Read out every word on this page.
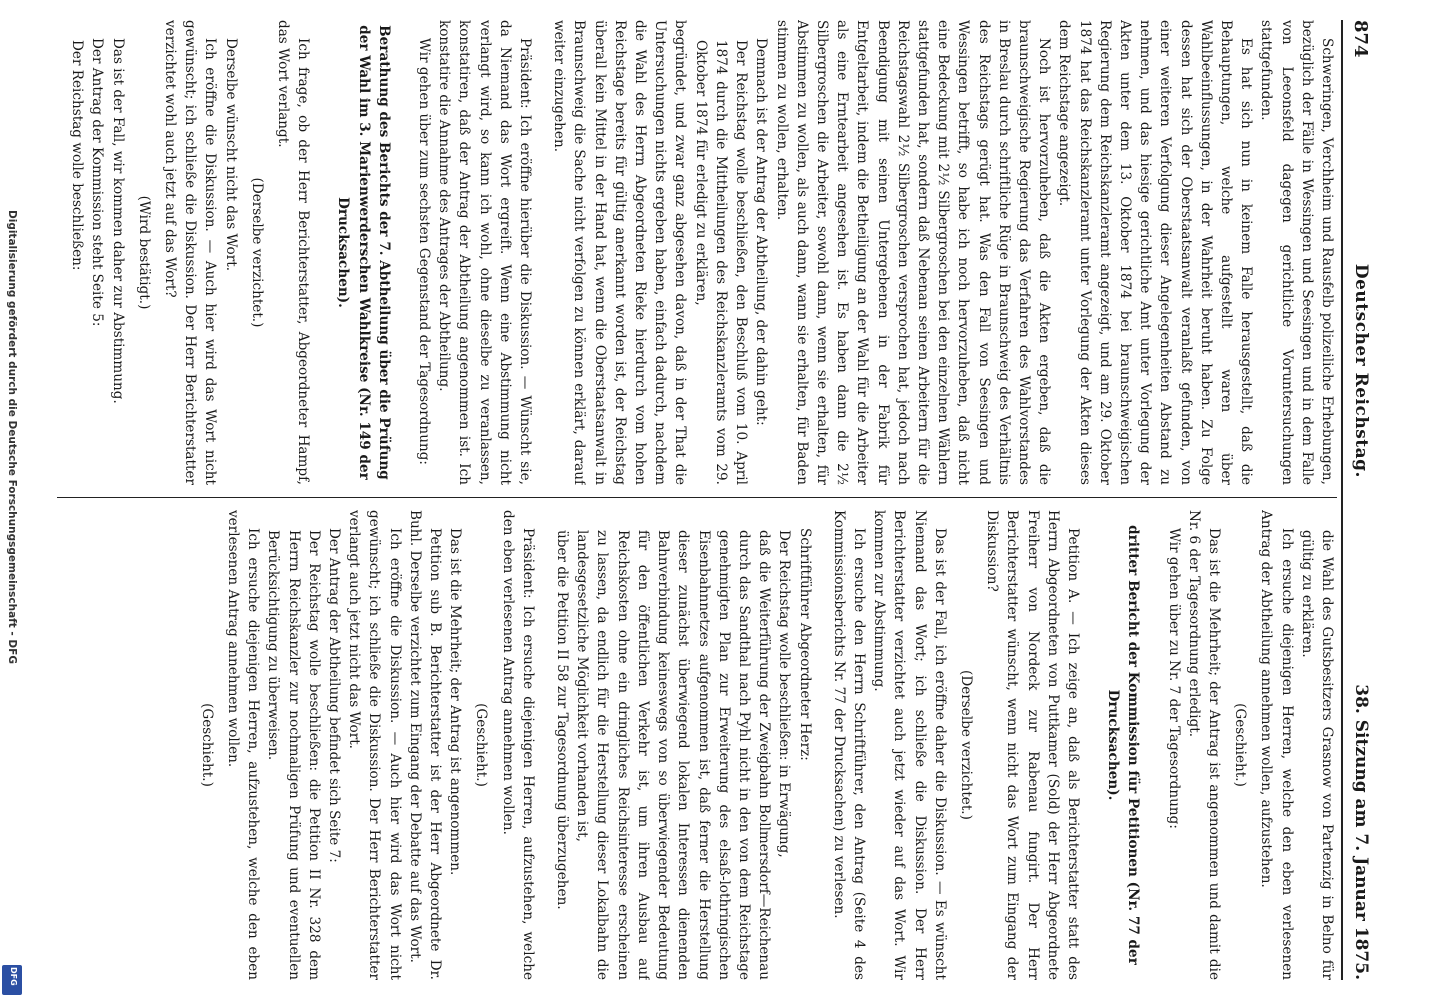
874
Deutscher Reichstag.
38. Sitzung am 7. Januar 1875.

Schweringen, Verchheim und Rausfelb polizeiliche Erhebungen, bezüglich der Fälle in Wessingen und Seesingen und in dem Falle von Leeonsfeld dagegen gerichtliche Voruntersuchungen stattgefunden.

Es hat sich nun in keinem Falle herausgestellt, daß die Behauptungen, welche aufgestellt waren über Wahlbeeinflussungen, in der Wahrheit beruht haben. Zu Folge dessen hat sich der Oberstaatsanwalt veranlaßt gefunden, von einer weiteren Verfolgung dieser Angelegenheiten Abstand zu nehmen, und das hiesige gerichtliche Amt unter Vorlegung der Akten unter dem 13. Oktober 1874 bei braunschweigischen Regierung dem Reichskanzleramt angezeigt, und am 29. Oktober 1874 hat das Reichskanzleramt unter Vorlegung der Akten dieses dem Reichstage angezeigt.

Noch ist hervorzuheben, daß die Akten ergeben, daß die braunschweigische Regierung das Verfahren des Wahlvorstandes in Breslau durch schriftliche Rüge in Braunschweig des Verhältnis des Reichstags gerügt hat. Was den Fall von Seesingen und Wessingen betrifft, so habe ich noch hervorzuheben, daß nicht eine Bedeckung mit 2½ Silbergroschen bei den einzelnen Wählern stattgefunden hat, sondern daß Nebenan seinen Arbeitern für die Reichstagswahl 2½ Silbergroschen versprochen hat, jedoch nach Beendigung mit seinen Untergebenen in der Fabrik für Entgeltarbeit, indem die Betheiligung an der Wahl für die Arbeiter als eine Erntearbeit angesehen ist. Es haben dann die 2½ Silbergroschen die Arbeiter, sowohl dann, wenn sie erhalten, für Abstimmen zu wollen, als auch dann, wann sie erhalten, für Baden stimmen zu wollen, erhalten.

Demnach ist der Antrag der Abtheilung, der dahin geht:

Der Reichstag wolle beschließen, den Beschluß vom 10. April 1874 durch die Mittheilungen des Reichskanzleramts vom 29. Oktober 1874 für erledigt zu erklären,

begründet, und zwar ganz abgesehen davon, daß in der That die Untersuchungen nichts ergeben haben, einfach dadurch, nachdem die Wahl des Herrn Abgeordneten Rieke hierdurch vom hohen Reichstage bereits für gültig anerkannt worden ist, der Reichstag überall kein Mittel in der Hand hat, wenn die Oberstaatsanwalt in Braunschweig die Sache nicht verfolgen zu können erklärt, darauf weiter einzugehen.

Präsident: Ich eröffne hierüber die Diskussion. — Wünscht sie, da Niemand das Wort ergreift. Wenn eine Abstimmung nicht verlangt wird, so kann ich wohl, ohne dieselbe zu veranlassen, konstatiren, daß der Antrag der Abtheilung angenommen ist. Ich konstatire die Annahme des Antrages der Abtheilung.

Wir gehen über zum sechsten Gegenstand der Tagesordnung:

Berathung des Berichts der 7. Abtheilung über die Prüfung der Wahl im 3. Marienwerderschen Wahlkreise (Nr. 149 der Drucksachen).

Ich frage, ob der Herr Berichterstatter, Abgeordneter Hampf, das Wort verlangt.

(Derselbe verzichtet.)

Derselbe wünscht nicht das Wort.

Ich eröffne die Diskussion. — Auch hier wird das Wort nicht gewünscht; ich schließe die Diskussion. Der Herr Berichterstatter verzichtet wohl auch jetzt auf das Wort?

(Wird bestätigt.)

Das ist der Fall, wir kommen daher zur Abstimmung.

Der Antrag der Kommission steht Seite 5:

Der Reichstag wolle beschließen:

die Wahl des Gutsbesitzers Grasnow von Partenzig in Belno für gültig zu erklären.

Ich ersuche diejenigen Herren, welche den eben verlesenen Antrag der Abtheilung annehmen wollen, aufzustehen.

(Geschieht.)

Das ist die Mehrheit; der Antrag ist angenommen und damit die Nr. 6 der Tagesordnung erledigt.

Wir gehen über zu Nr. 7 der Tagesordnung:

dritter Bericht der Kommission für Petitionen (Nr. 77 der Drucksachen).

Petition A. — Ich zeige an, daß als Berichterstatter statt des Herrn Abgeordneten von Puttkamer (Sold) der Herr Abgeordnete Freiherr von Nordeck zur Rabenau fungirt. Der Herr Berichterstatter wünscht, wenn nicht das Wort zum Eingang der Diskussion?

(Derselbe verzichtet.)

Das ist der Fall, ich eröffne daher die Diskussion. — Es wünscht Niemand das Wort; ich schließe die Diskussion. Der Herr Berichterstatter verzichtet auch jetzt wieder auf das Wort. Wir kommen zur Abstimmung.

Ich ersuche den Herrn Schriftführer, den Antrag (Seite 4 des Kommissionsberichts Nr. 77 der Drucksachen) zu verlesen.

Schriftführer Abgeordneter Herz:

Der Reichstag wolle beschließen: in Erwägung,

daß die Weiterführung der Zweigbahn Bollmersdorf—Reichenau durch das Sandthal nach Pyhl nicht in den von dem Reichstage genehmigten Plan zur Erweiterung des elsaß-lothringischen Eisenbahnnetzes aufgenommen ist, daß ferner die Herstellung dieser zunächst überwiegend lokalen Interessen dienenden Bahnverbindung keineswegs von so überwiegender Bedeutung für den öffentlichen Verkehr ist, um ihren Ausbau auf Reichskosten ohne ein dringliches Reichsinteresse erscheinen zu lassen, da endlich für die Herstellung dieser Lokalbahn die landesgesetzliche Möglichkeit vorhanden ist,

über die Petition II 58 zur Tagesordnung überzugehen.

Präsident: Ich ersuche diejenigen Herren, aufzustehen, welche den eben verlesenen Antrag annehmen wollen.

(Geschieht.)

Das ist die Mehrheit; der Antrag ist angenommen.

Petition sub B. Berichterstatter ist der Herr Abgeordnete Dr. Buhl. Derselbe verzichtet zum Eingang der Debatte auf das Wort.

Ich eröffne die Diskussion. — Auch hier wird das Wort nicht gewünscht; ich schließe die Diskussion. Der Herr Berichterstatter verlangt auch jetzt nicht das Wort.

Der Antrag der Abtheilung befindet sich Seite 7:

Der Reichstag wolle beschließen: die Petition II Nr. 328 dem Herrn Reichskanzler zur nochmaligen Prüfung und eventuellen Berücksichtigung zu überweisen.

Ich ersuche diejenigen Herren, aufzustehen, welche den eben verlesenen Antrag annehmen wollen.

(Geschieht.)

Digitalisierung gefördert durch die Deutsche Forschungsgemeinschaft - DFG
DFG
